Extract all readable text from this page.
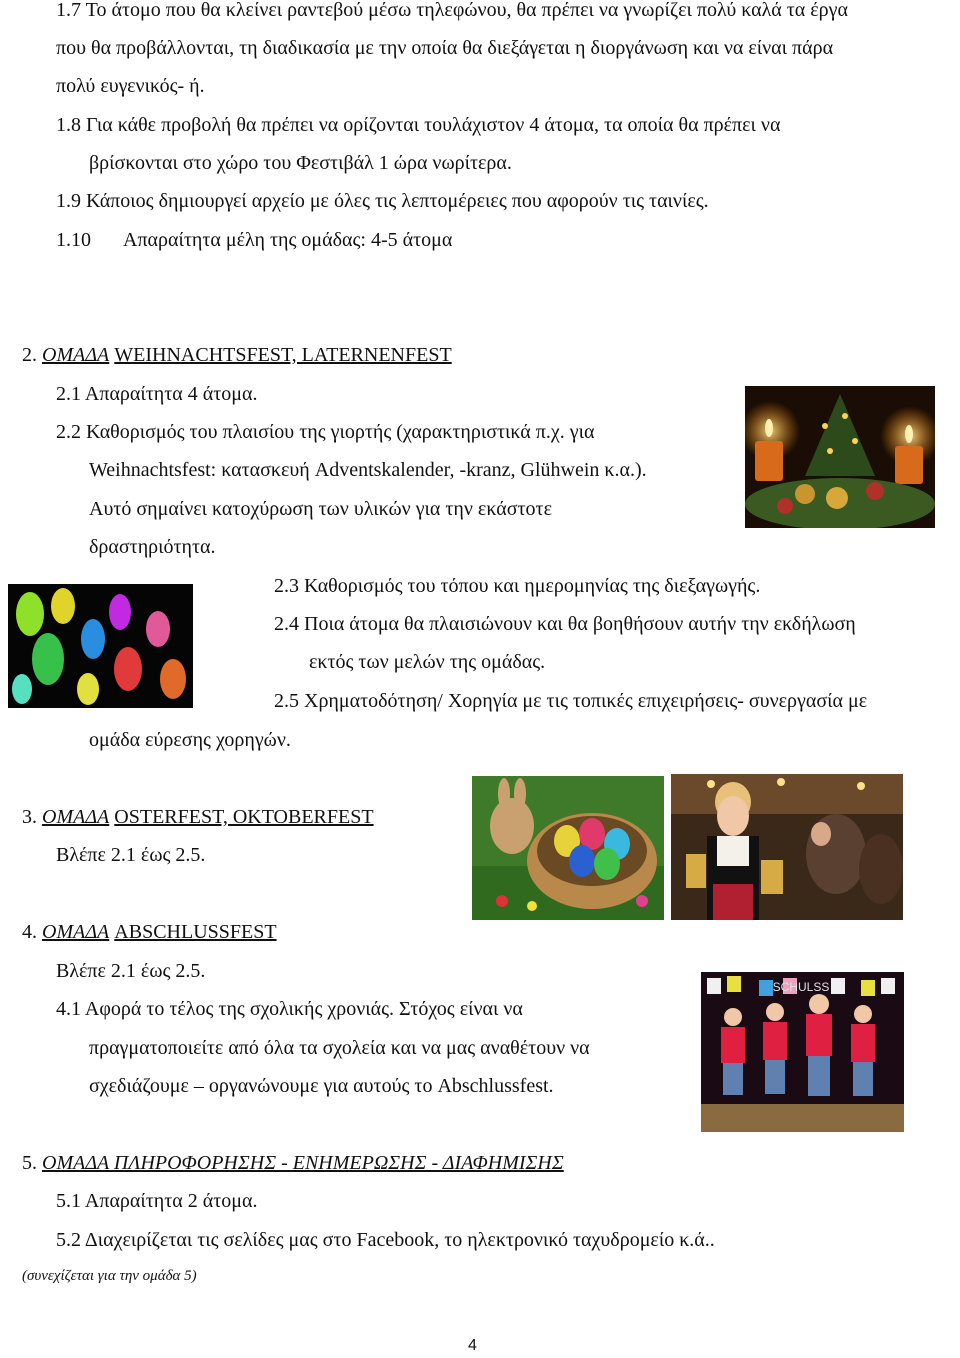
1.7 Το άτομο που θα κλείνει ραντεβού μέσω τηλεφώνου, θα πρέπει να γνωρίζει πολύ καλά τα έργα
που θα προβάλλονται, τη διαδικασία με την οποία θα διεξάγεται η διοργάνωση και να είναι πάρα
πολύ ευγενικός- ή.
1.8 Για κάθε προβολή θα πρέπει να ορίζονται τουλάχιστον 4 άτομα, τα οποία θα πρέπει να
βρίσκονται στο χώρο του Φεστιβάλ 1 ώρα νωρίτερα.
1.9 Κάποιος δημιουργεί αρχείο με όλες τις λεπτομέρειες που αφορούν τις ταινίες.
1.10 Απαραίτητα μέλη της ομάδας: 4-5 άτομα
2. ΟΜΑΔΑ WEIHNACHTSFEST, LATERNENFEST
2.1 Απαραίτητα 4 άτομα.
2.2 Καθορισμός του πλαισίου της γιορτής (χαρακτηριστικά π.χ. για
Weihnachtsfest: κατασκευή Adventskalender, -kranz, Glühwein κ.α.).
Αυτό σημαίνει κατοχύρωση των υλικών για την εκάστοτε
δραστηριότητα.
2.3 Καθορισμός του τόπου και ημερομηνίας της διεξαγωγής.
2.4 Ποια άτομα θα πλαισιώνουν και θα βοηθήσουν αυτήν την εκδήλωση
εκτός των μελών της ομάδας.
2.5 Χρηματοδότηση/ Χορηγία με τις τοπικές επιχειρήσεις- συνεργασία με
ομάδα εύρεσης χορηγών.
3. ΟΜΑΔΑ OSTERFEST, OKTOBERFEST
Βλέπε 2.1 έως 2.5.
4. ΟΜΑΔΑ ABSCHLUSSFEST
Βλέπε 2.1 έως 2.5.
4.1 Αφορά το τέλος της σχολικής χρονιάς. Στόχος είναι να
πραγματοποιείτε από όλα τα σχολεία και να μας αναθέτουν να
σχεδιάζουμε – οργανώνουμε για αυτούς το Abschlussfest.
SCHULSS
5. ΟΜΑΔΑ ΠΛΗΡΟΦΟΡΗΣΗΣ - ΕΝΗΜΕΡΩΣΗΣ - ΔΙΑΦΗΜΙΣΗΣ
5.1 Απαραίτητα 2 άτομα.
5.2 Διαχειρίζεται τις σελίδες μας στο Facebook, το ηλεκτρονικό ταχυδρομείο κ.ά..
(συνεχίζεται για την ομάδα 5)
4
